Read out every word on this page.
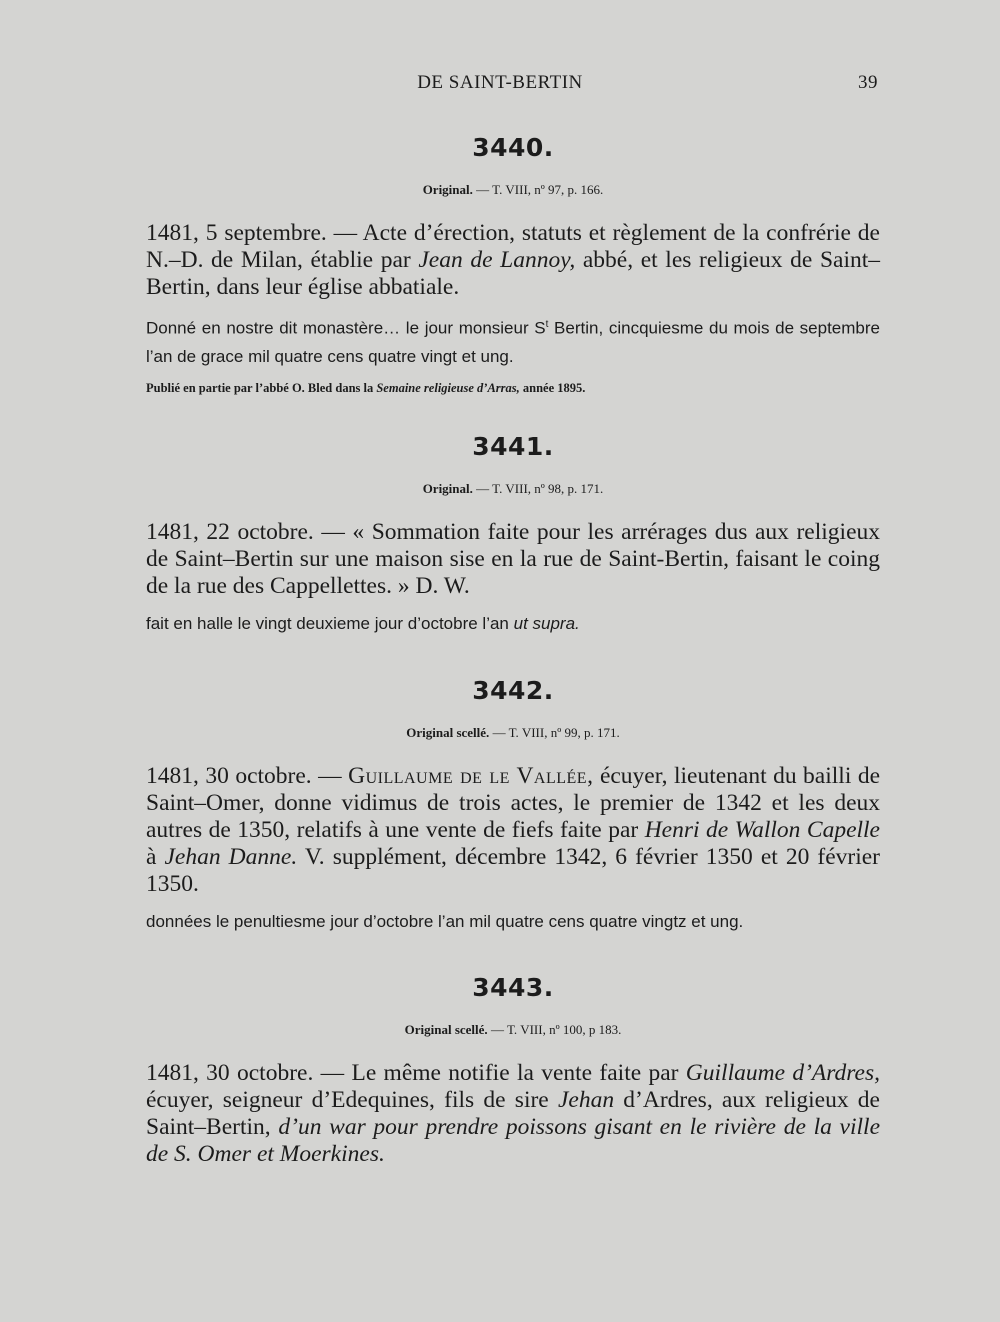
DE SAINT-BERTIN	39
3440.

Original. — T. VIII, nº 97, p. 166.

1481, 5 septembre. — Acte d’érection, statuts et règlement de la confrérie de N.–D. de Milan, établie par Jean de Lannoy, abbé, et les religieux de Saint–Bertin, dans leur église abbatiale.

Donné en nostre dit monastère… le jour monsieur $S^t$ Bertin, cincquiesme du mois de septembre l’an de grace mil quatre cens quatre vingt et ung.

Publié en partie par l’abbé O. Bled dans la Semaine religieuse d’Arras, année 1895.

3441.

Original. — T. VIII, nº 98, p. 171.

1481, 22 octobre. — « Sommation faite pour les arrérages dus aux religieux de Saint–Bertin sur une maison sise en la rue de Saint-Bertin, faisant le coing de la rue des Cappellettes. » D. W.

fait en halle le vingt deuxieme jour d’octobre l’an ut supra.

3442.

Original scellé. — T. VIII, nº 99, p. 171.

1481, 30 octobre. — Guillaume de le Vallée, écuyer, lieutenant du bailli de Saint–Omer, donne vidimus de trois actes, le premier de 1342 et les deux autres de 1350, relatifs à une vente de fiefs faite par Henri de Wallon Capelle à Jehan Danne. V. supplément, décembre 1342, 6 février 1350 et 20 février 1350.

données le penultiesme jour d’octobre l’an mil quatre cens quatre vingtz et ung.

3443.

Original scellé. — T. VIII, nº 100, p 183.

1481, 30 octobre. — Le même notifie la vente faite par Guillaume d’Ardres, écuyer, seigneur d’Edequines, fils de sire Jehan d’Ardres, aux religieux de Saint–Bertin, d’un war pour prendre poissons gisant en le rivière de la ville de S. Omer et Moerkines.
